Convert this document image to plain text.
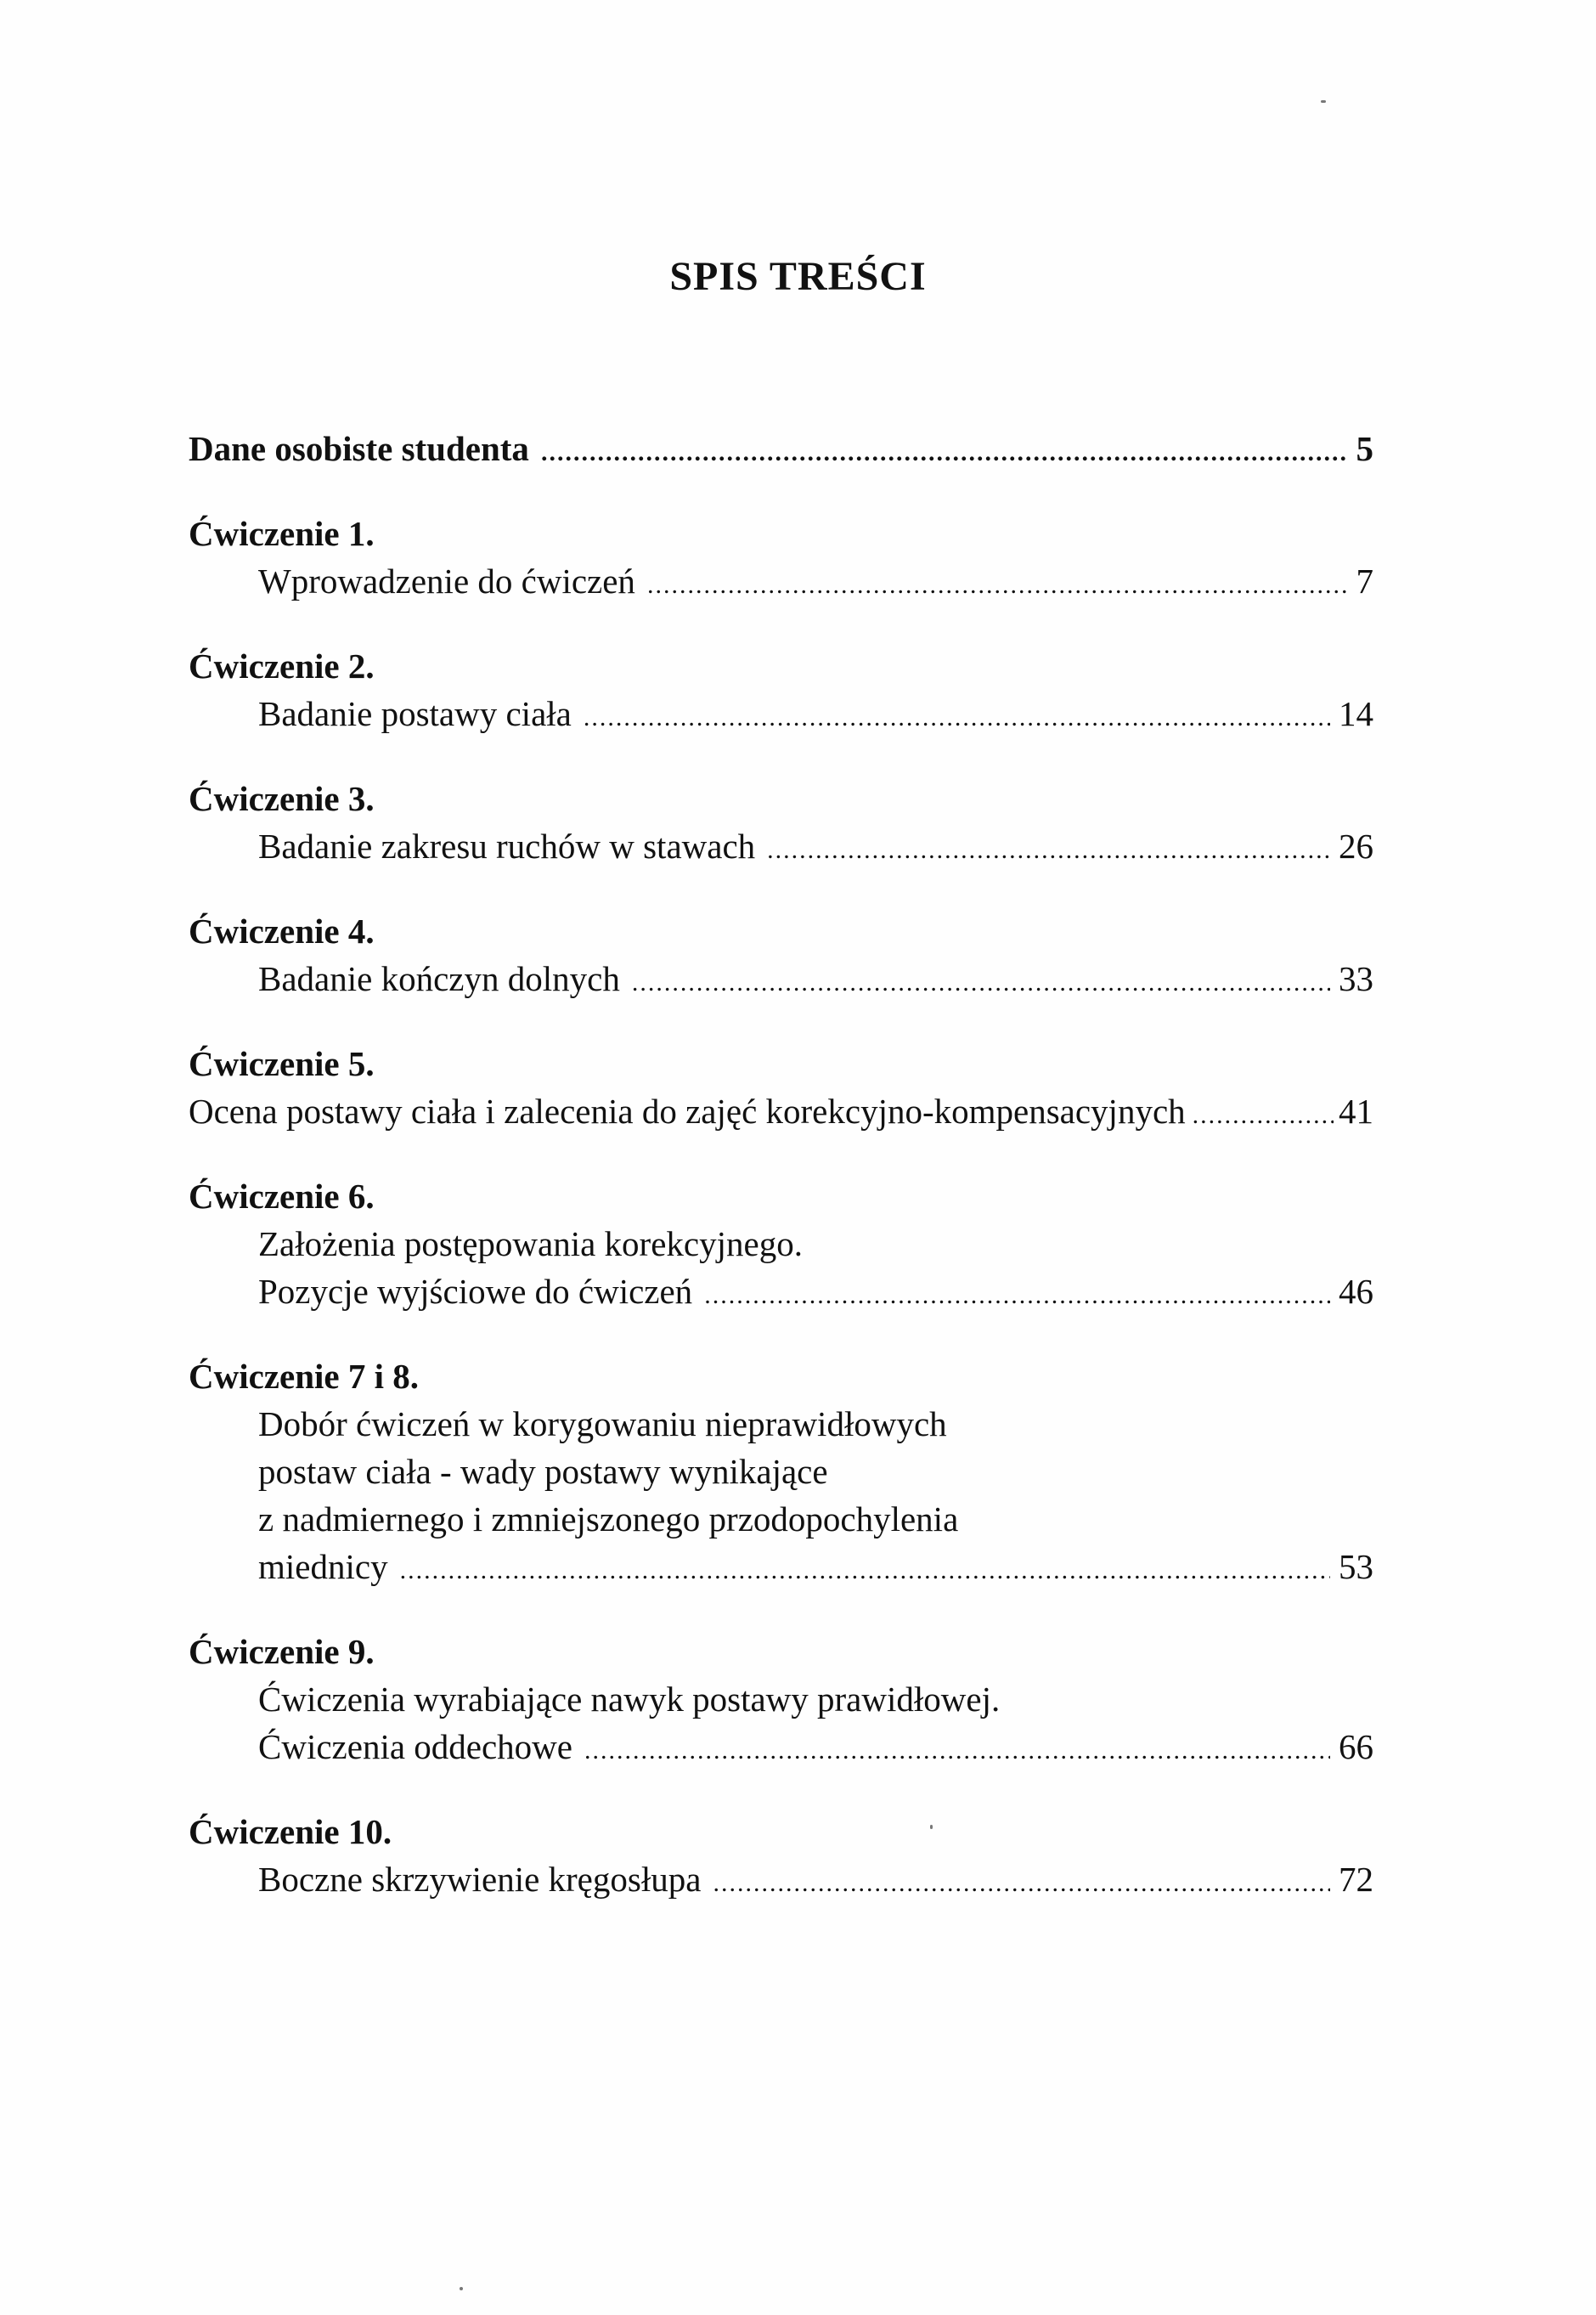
SPIS TREŚCI
Dane osobiste studenta .....	5
Ćwiczenie 1.
Wprowadzenie do ćwiczeń .....	7
Ćwiczenie 2.
Badanie postawy ciała .....	14
Ćwiczenie 3.
Badanie zakresu ruchów w stawach .....	26
Ćwiczenie 4.
Badanie kończyn dolnych .....	33
Ćwiczenie 5.
Ocena postawy ciała i zalecenia do zajęć korekcyjno-kompensacyjnych .....	41
Ćwiczenie 6.
Założenia postępowania korekcyjnego.
Pozycje wyjściowe do ćwiczeń .....	46
Ćwiczenie 7 i 8.
Dobór ćwiczeń w korygowaniu nieprawidłowych
postaw ciała - wady postawy wynikające
z nadmiernego i zmniejszonego przodopochylenia
miednicy .....	53
Ćwiczenie 9.
Ćwiczenia wyrabiające nawyk postawy prawidłowej.
Ćwiczenia oddechowe .....	66
Ćwiczenie 10.
Boczne skrzywienie kręgosłupa .....	72
